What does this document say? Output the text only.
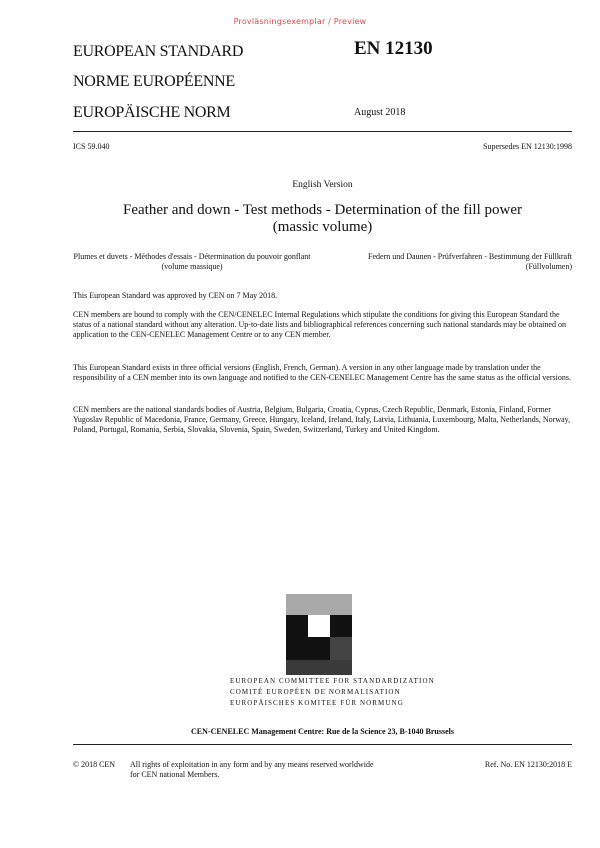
Provläsningsexemplar / Preview
EUROPEAN STANDARD
NORME EUROPÉENNE
EUROPÄISCHE NORM
EN 12130
August 2018
ICS 59.040	Supersedes EN 12130:1998
English Version
Feather and down - Test methods - Determination of the fill power (massic volume)
Plumes et duvets - Méthodes d'essais - Détermination du pouvoir gonflant (volume massique)
Federn und Daunen - Prüfverfahren - Bestimmung der Füllkraft (Füllvolumen)
This European Standard was approved by CEN on 7 May 2018.
CEN members are bound to comply with the CEN/CENELEC Internal Regulations which stipulate the conditions for giving this European Standard the status of a national standard without any alteration. Up-to-date lists and bibliographical references concerning such national standards may be obtained on application to the CEN-CENELEC Management Centre or to any CEN member.
This European Standard exists in three official versions (English, French, German). A version in any other language made by translation under the responsibility of a CEN member into its own language and notified to the CEN-CENELEC Management Centre has the same status as the official versions.
CEN members are the national standards bodies of Austria, Belgium, Bulgaria, Croatia, Cyprus, Czech Republic, Denmark, Estonia, Finland, Former Yugoslav Republic of Macedonia, France, Germany, Greece, Hungary, Iceland, Ireland, Italy, Latvia, Lithuania, Luxembourg, Malta, Netherlands, Norway, Poland, Portugal, Romania, Serbia, Slovakia, Slovenia, Spain, Sweden, Switzerland, Turkey and United Kingdom.
EUROPEAN COMMITTEE FOR STANDARDIZATION
COMITÉ EUROPÉEN DE NORMALISATION
EUROPÄISCHES KOMITEE FÜR NORMUNG
CEN-CENELEC Management Centre: Rue de la Science 23, B-1040 Brussels
© 2018 CEN All rights of exploitation in any form and by any means reserved worldwide for CEN national Members.
Ref. No. EN 12130:2018 E
